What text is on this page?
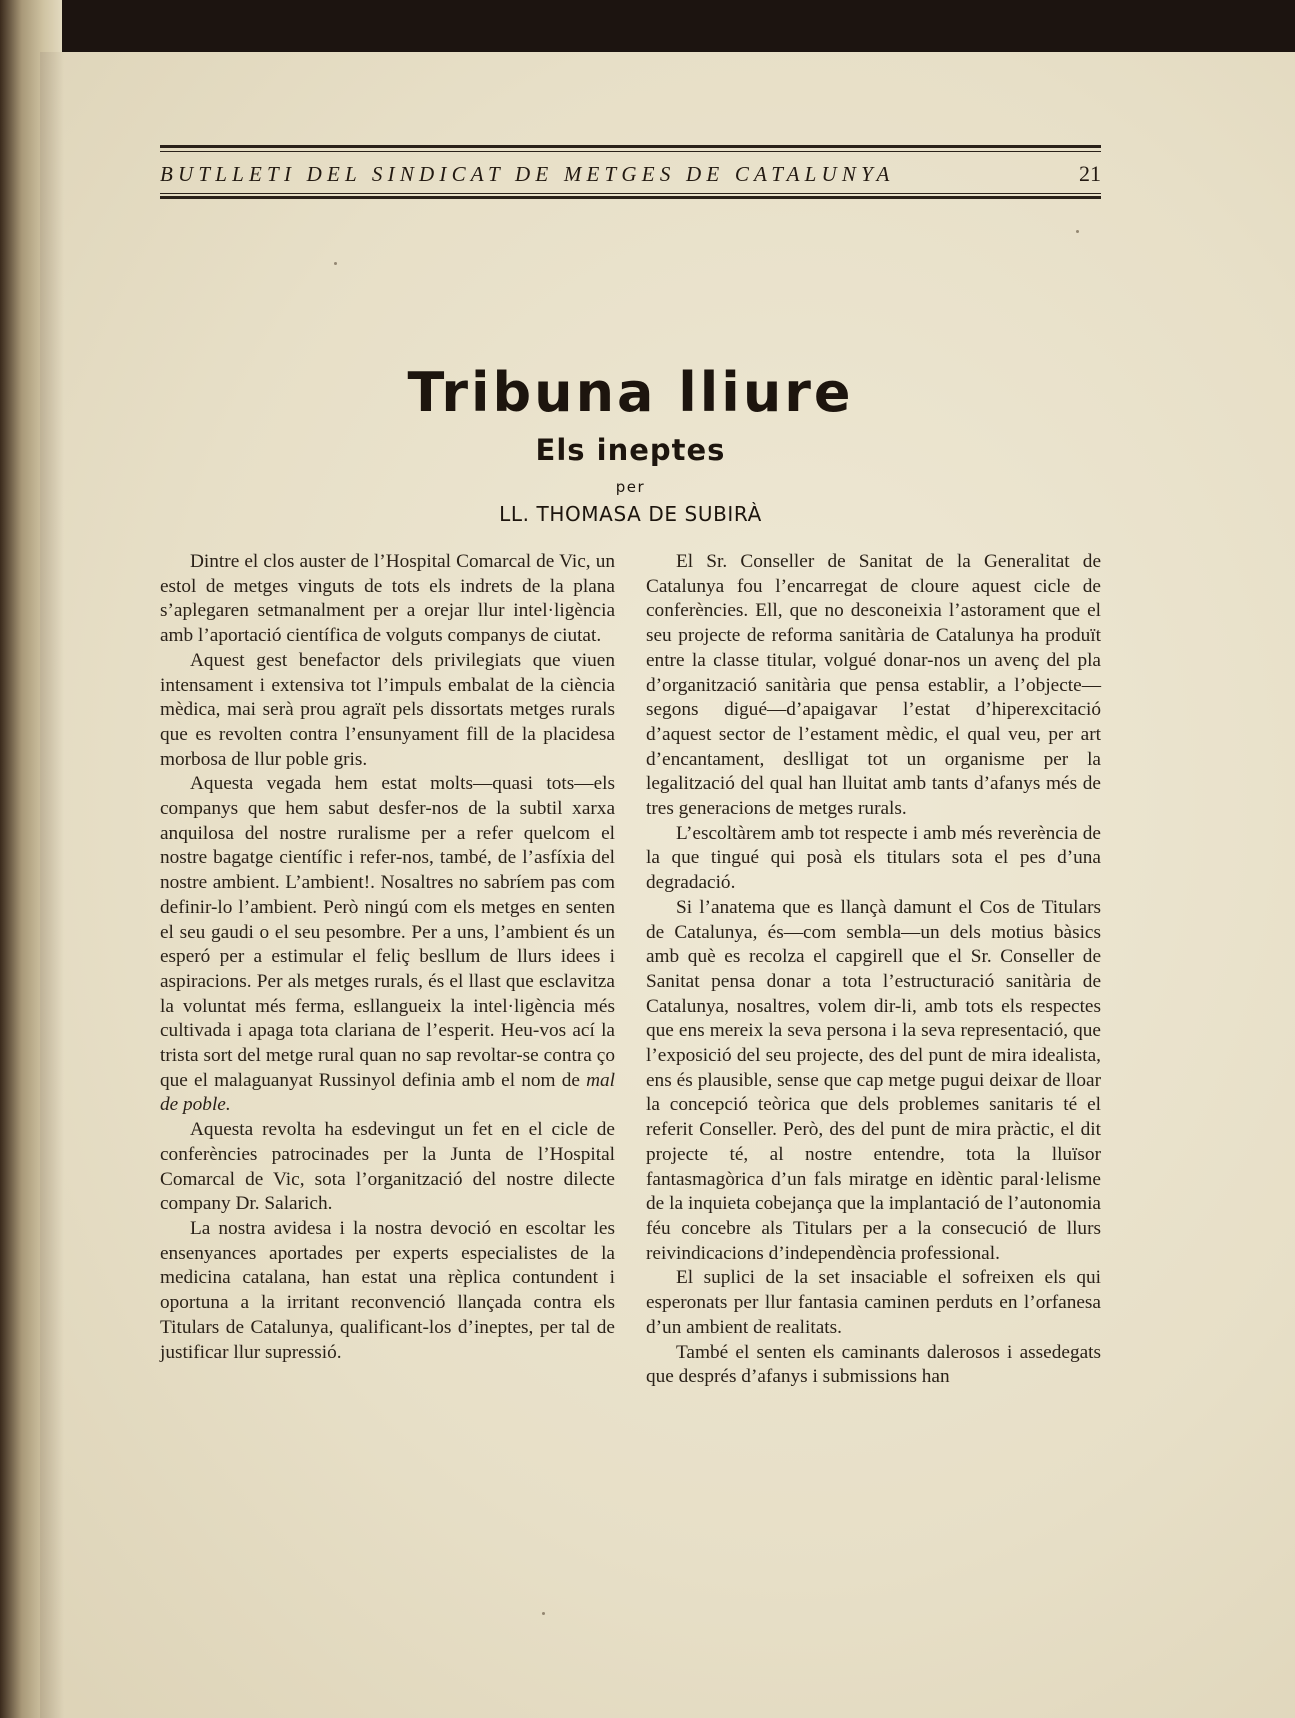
BUTLLETI DEL SINDICAT DE METGES DE CATALUNYA	21
Tribuna lliure
Els ineptes
per
LL. THOMASA DE SUBIRÀ

Dintre el clos auster de l’Hospital Comarcal de Vic, un estol de metges vinguts de tots els indrets de la plana s’aplegaren setmanalment per a orejar llur intel·ligència amb l’aportació científica de volguts companys de ciutat.

Aquest gest benefactor dels privilegiats que viuen intensament i extensiva tot l’impuls embalat de la ciència mèdica, mai serà prou agraït pels dissortats metges rurals que es revolten contra l’ensunyament fill de la placidesa morbosa de llur poble gris.

Aquesta vegada hem estat molts—quasi tots—els companys que hem sabut desfer-nos de la subtil xarxa anquilosa del nostre ruralisme per a refer quelcom el nostre bagatge científic i refer-nos, també, de l’asfíxia del nostre ambient. L’ambient!. Nosaltres no sabríem pas com definir-lo l’ambient. Però ningú com els metges en senten el seu gaudi o el seu pesombre. Per a uns, l’ambient és un esperó per a estimular el feliç besllum de llurs idees i aspiracions. Per als metges rurals, és el llast que esclavitza la voluntat més ferma, esllangueix la intel·ligència més cultivada i apaga tota clariana de l’esperit. Heu-vos ací la trista sort del metge rural quan no sap revoltar-se contra ço que el malaguanyat Russinyol definia amb el nom de mal de poble.

Aquesta revolta ha esdevingut un fet en el cicle de conferències patrocinades per la Junta de l’Hospital Comarcal de Vic, sota l’organització del nostre dilecte company Dr. Salarich.

La nostra avidesa i la nostra devoció en escoltar les ensenyances aportades per experts especialistes de la medicina catalana, han estat una rèplica contundent i oportuna a la irritant reconvenció llançada contra els Titulars de Catalunya, qualificant-los d’ineptes, per tal de justificar llur supressió.

El Sr. Conseller de Sanitat de la Generalitat de Catalunya fou l’encarregat de cloure aquest cicle de conferències. Ell, que no desconeixia l’astorament que el seu projecte de reforma sanitària de Catalunya ha produït entre la classe titular, volgué donar-nos un avenç del pla d’organització sanitària que pensa establir, a l’objecte—segons digué—d’apaigavar l’estat d’hiperexcitació d’aquest sector de l’estament mèdic, el qual veu, per art d’encantament, deslligat tot un organisme per la legalització del qual han lluitat amb tants d’afanys més de tres generacions de metges rurals.

L’escoltàrem amb tot respecte i amb més reverència de la que tingué qui posà els titulars sota el pes d’una degradació.

Si l’anatema que es llançà damunt el Cos de Titulars de Catalunya, és—com sembla—un dels motius bàsics amb què es recolza el capgirell que el Sr. Conseller de Sanitat pensa donar a tota l’estructuració sanitària de Catalunya, nosaltres, volem dir-li, amb tots els respectes que ens mereix la seva persona i la seva representació, que l’exposició del seu projecte, des del punt de mira idealista, ens és plausible, sense que cap metge pugui deixar de lloar la concepció teòrica que dels problemes sanitaris té el referit Conseller. Però, des del punt de mira pràctic, el dit projecte té, al nostre entendre, tota la lluïsor fantasmagòrica d’un fals miratge en idèntic paral·lelisme de la inquieta cobejança que la implantació de l’autonomia féu concebre als Titulars per a la consecució de llurs reivindicacions d’independència professional.

El suplici de la set insaciable el sofreixen els qui esperonats per llur fantasia caminen perduts en l’orfanesa d’un ambient de realitats.

També el senten els caminants dalerosos i assedegats que després d’afanys i submissions han
